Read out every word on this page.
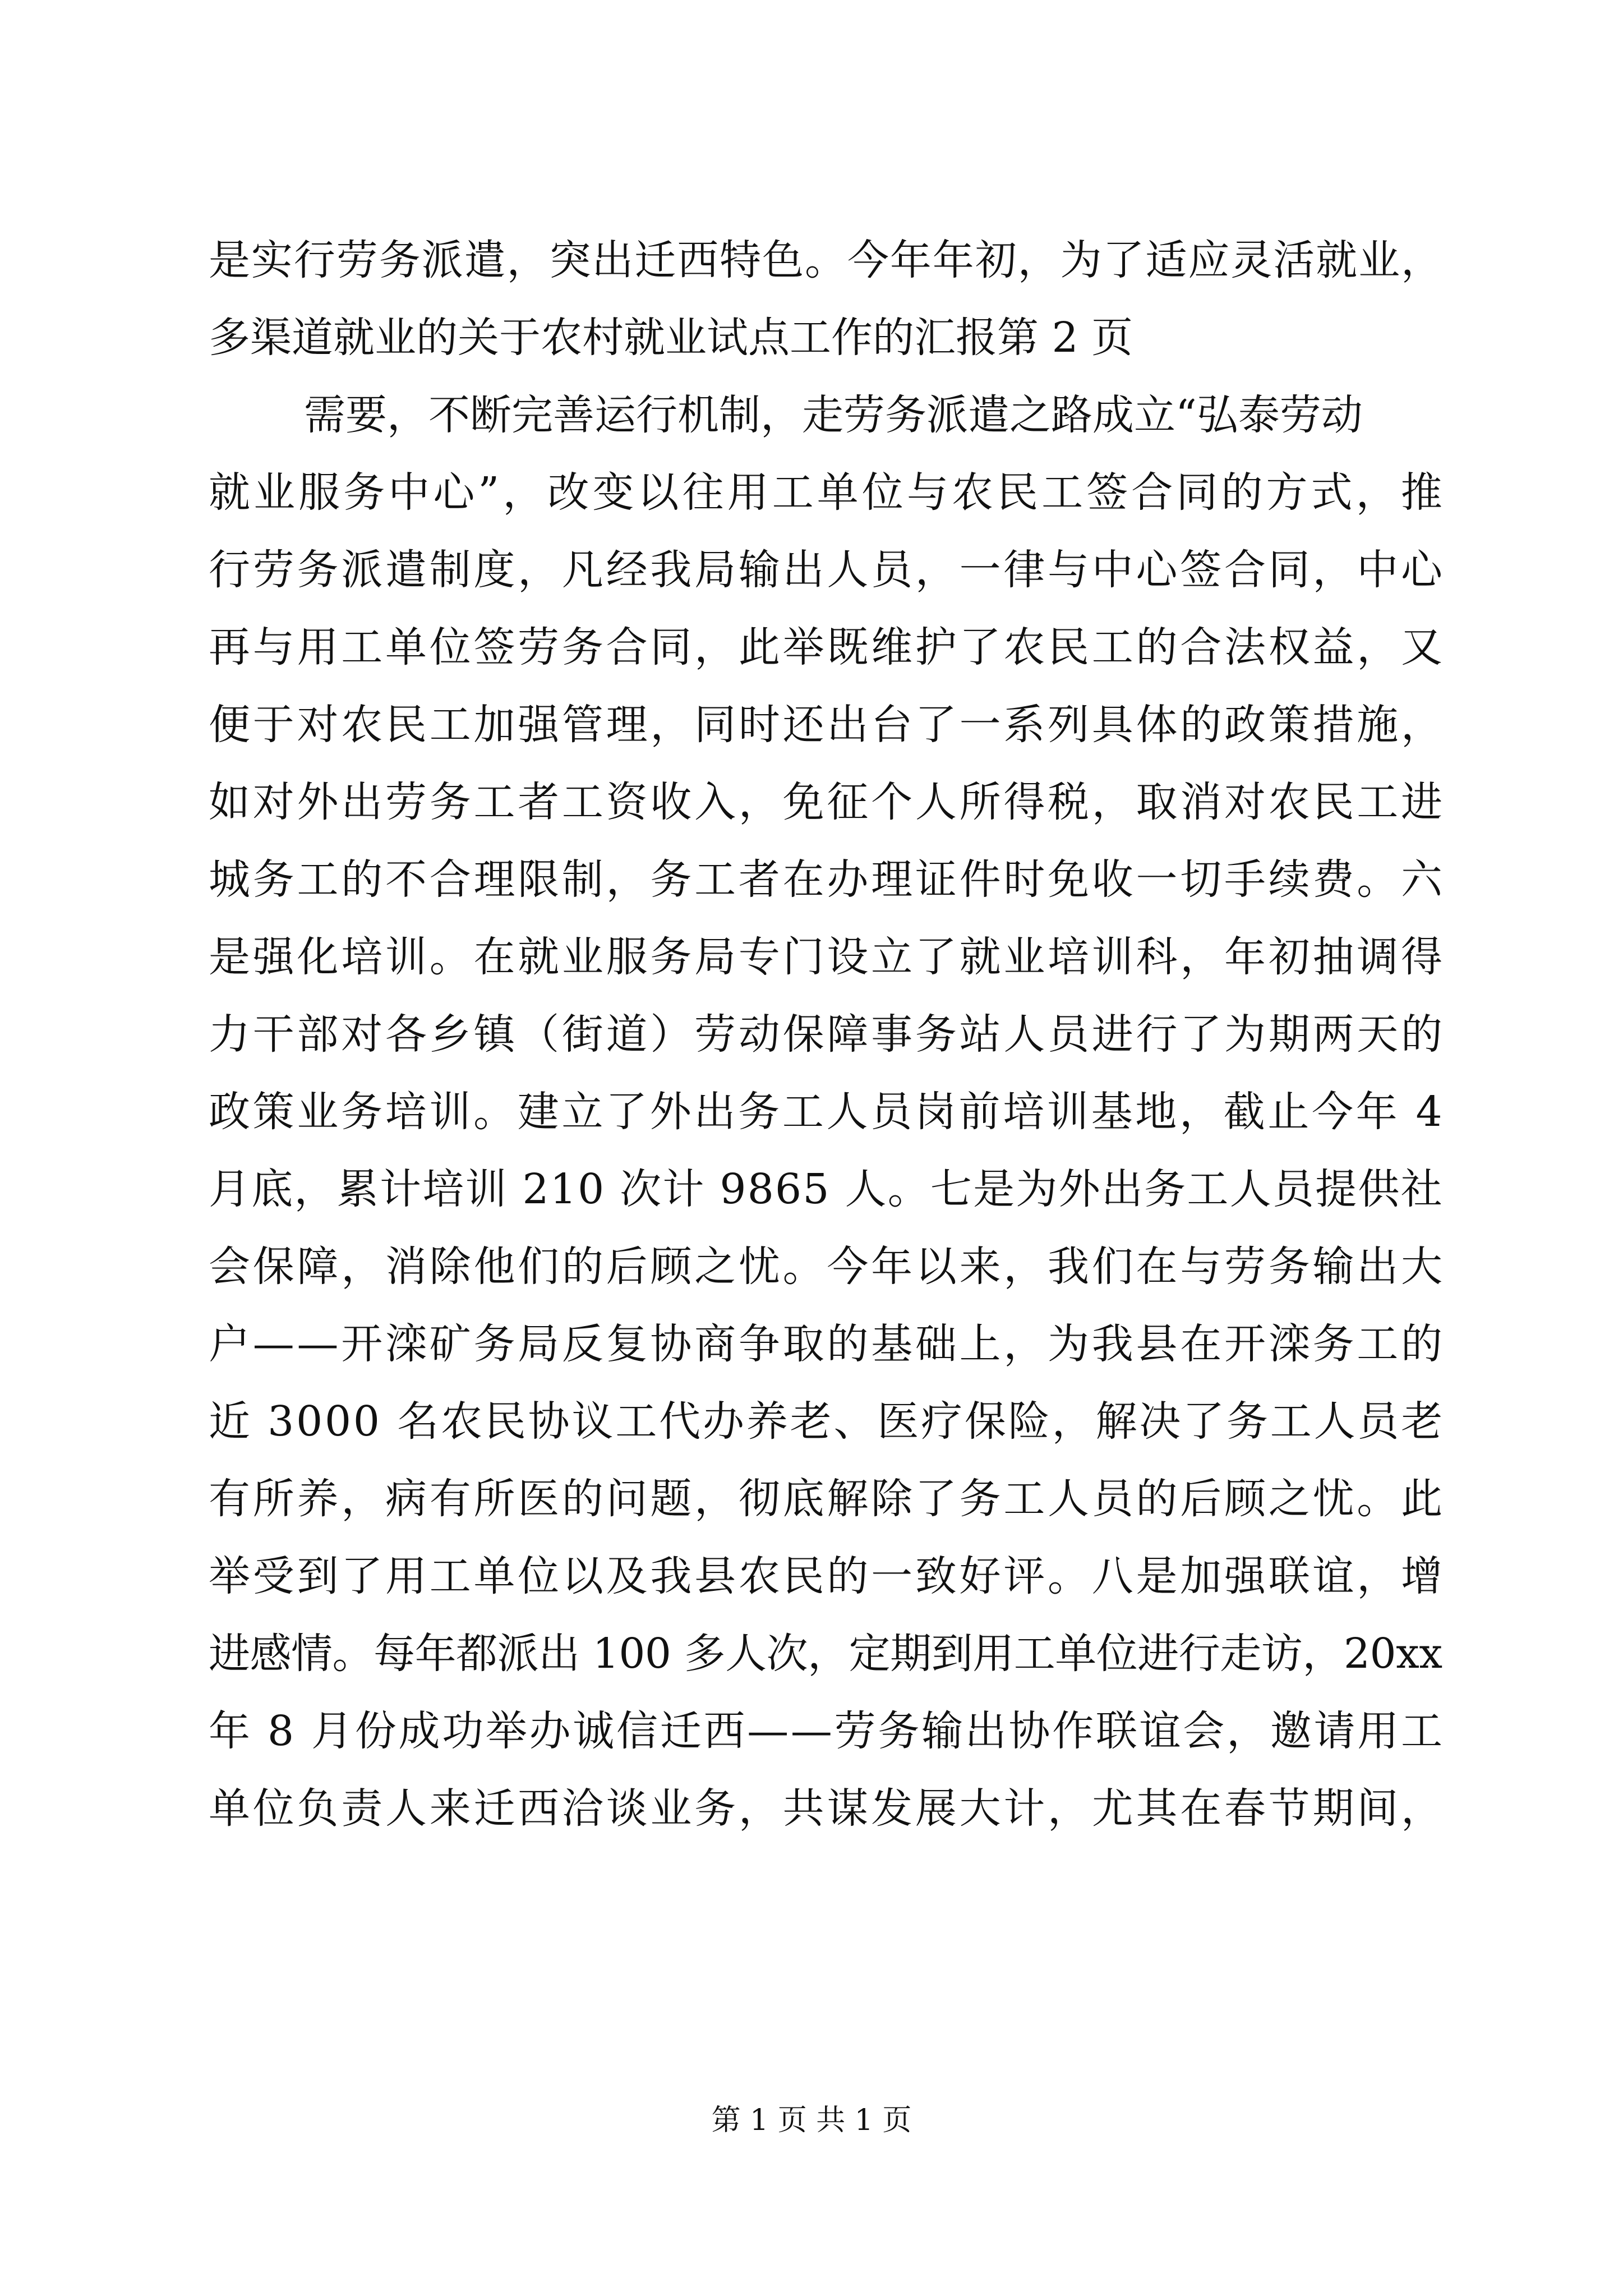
是实行劳务派遣，突出迁西特色。今年年初，为了适应灵活就业，
多渠道就业的关于农村就业试点工作的汇报第 2 页
需要，不断完善运行机制，走劳务派遣之路成立“弘泰劳动
就业服务中心”，改变以往用工单位与农民工签合同的方式，推
行劳务派遣制度，凡经我局输出人员，一律与中心签合同，中心
再与用工单位签劳务合同，此举既维护了农民工的合法权益，又
便于对农民工加强管理，同时还出台了一系列具体的政策措施，
如对外出劳务工者工资收入，免征个人所得税，取消对农民工进
城务工的不合理限制，务工者在办理证件时免收一切手续费。六
是强化培训。在就业服务局专门设立了就业培训科，年初抽调得
力干部对各乡镇（街道）劳动保障事务站人员进行了为期两天的
政策业务培训。建立了外出务工人员岗前培训基地，截止今年 4
月底，累计培训 210 次计 9865 人。七是为外出务工人员提供社
会保障，消除他们的后顾之忧。今年以来，我们在与劳务输出大
户——开滦矿务局反复协商争取的基础上，为我县在开滦务工的
近 3000 名农民协议工代办养老、医疗保险，解决了务工人员老
有所养，病有所医的问题，彻底解除了务工人员的后顾之忧。此
举受到了用工单位以及我县农民的一致好评。八是加强联谊，增
进感情。每年都派出 100 多人次，定期到用工单位进行走访，20xx
年 8 月份成功举办诚信迁西——劳务输出协作联谊会，邀请用工
单位负责人来迁西洽谈业务，共谋发展大计，尤其在春节期间，
第 1 页 共 1 页
